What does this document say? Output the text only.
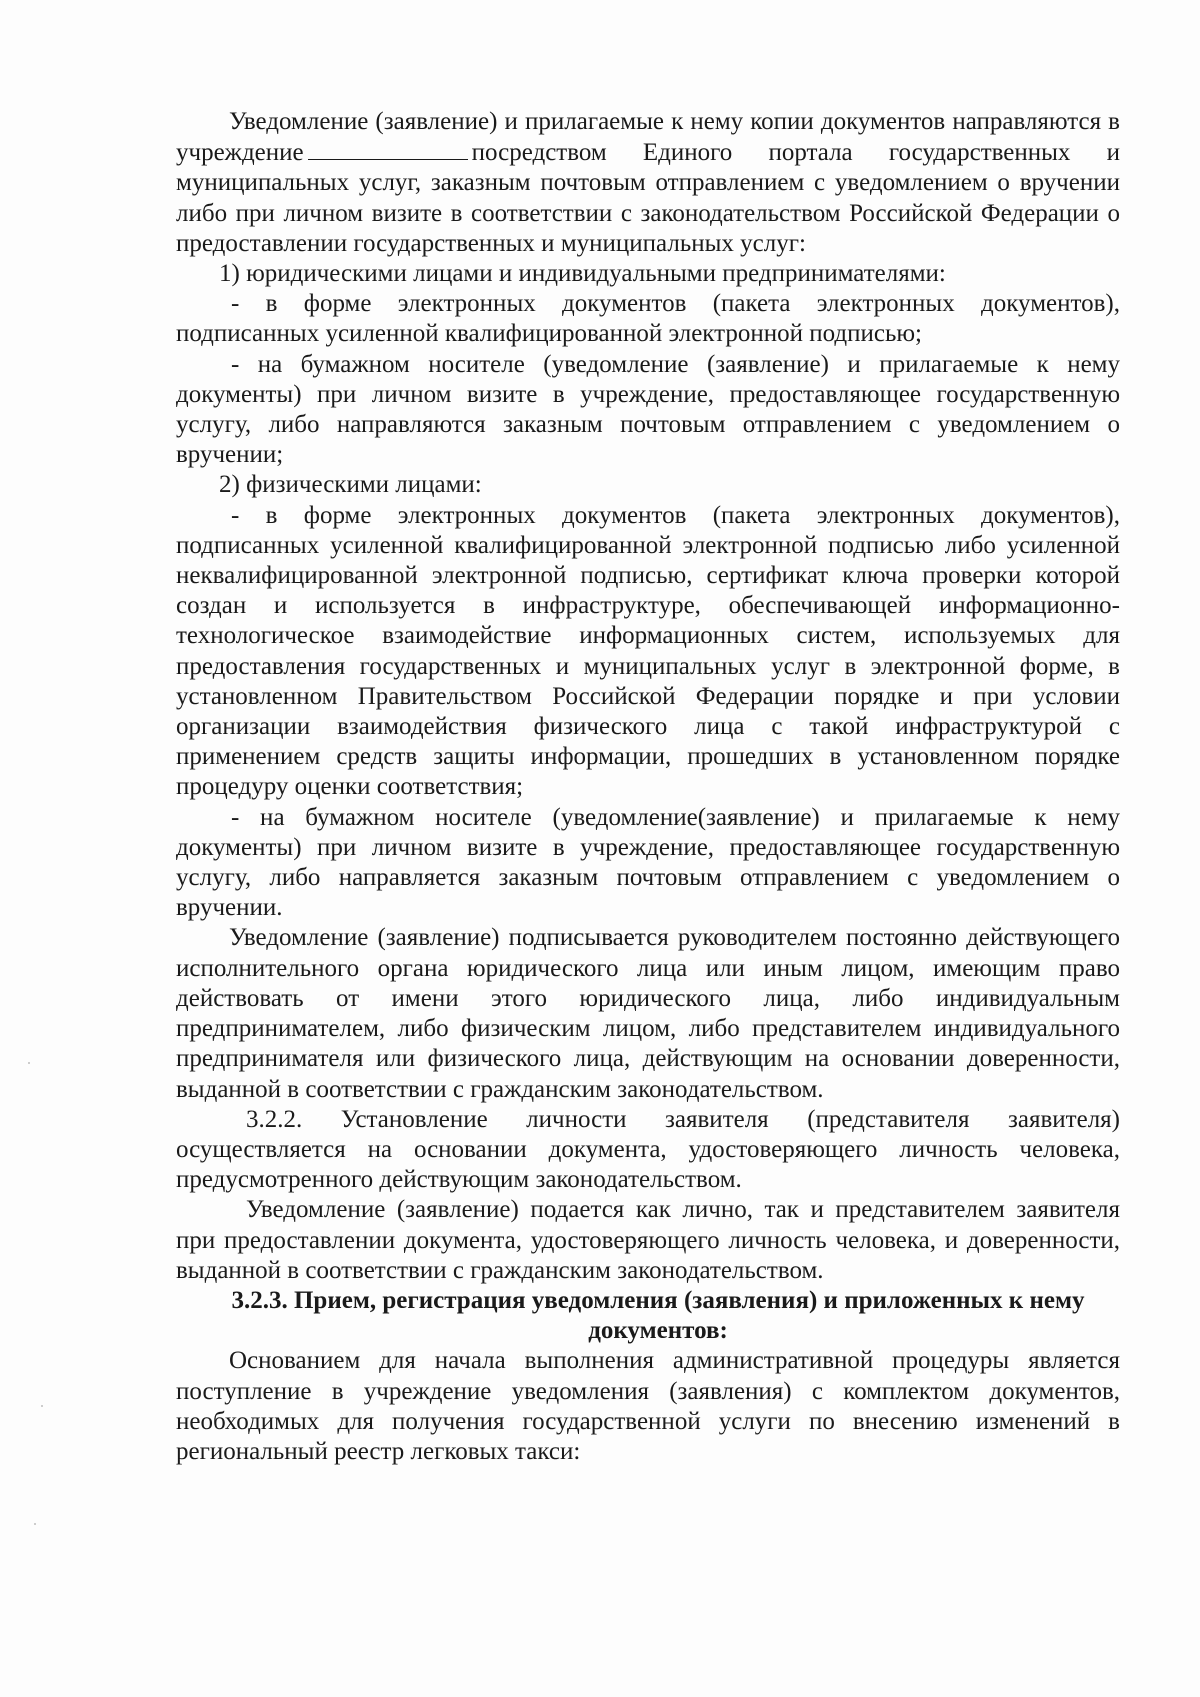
Уведомление (заявление) и прилагаемые к нему копии документов направляются в учреждение	посредством Единого портала государственных и муниципальных услуг, заказным почтовым отправлением с уведомлением о вручении либо при личном визите в соответствии с законодательством Российской Федерации о предоставлении государственных и муниципальных услуг:

1) юридическими лицами и индивидуальными предпринимателями:

- в форме электронных документов (пакета электронных документов), подписанных усиленной квалифицированной электронной подписью;

- на бумажном носителе (уведомление (заявление) и прилагаемые к нему документы) при личном визите в учреждение, предоставляющее государственную услугу, либо направляются заказным почтовым отправлением с уведомлением о вручении;

2) физическими лицами:

- в форме электронных документов (пакета электронных документов), подписанных усиленной квалифицированной электронной подписью либо усиленной неквалифицированной электронной подписью, сертификат ключа проверки которой создан и используется в инфраструктуре, обеспечивающей информационно-технологическое взаимодействие информационных систем, используемых для предоставления государственных и муниципальных услуг в электронной форме, в установленном Правительством Российской Федерации порядке и при условии организации взаимодействия физического лица с такой инфраструктурой с применением средств защиты информации, прошедших в установленном порядке процедуру оценки соответствия;

- на бумажном носителе (уведомление(заявление) и прилагаемые к нему документы) при личном визите в учреждение, предоставляющее государственную услугу, либо направляется заказным почтовым отправлением с уведомлением о вручении.

Уведомление (заявление) подписывается руководителем постоянно действующего исполнительного органа юридического лица или иным лицом, имеющим право действовать от имени этого юридического лица, либо индивидуальным предпринимателем, либо физическим лицом, либо представителем индивидуального предпринимателя или физического лица, действующим на основании доверенности, выданной в соответствии с гражданским законодательством.

3.2.2. Установление личности заявителя (представителя заявителя) осуществляется на основании документа, удостоверяющего личность человека, предусмотренного действующим законодательством.

Уведомление (заявление) подается как лично, так и представителем заявителя при предоставлении документа, удостоверяющего личность человека, и доверенности, выданной в соответствии с гражданским законодательством.

3.2.3. Прием, регистрация уведомления (заявления) и приложенных к нему документов:

Основанием для начала выполнения административной процедуры является поступление в учреждение уведомления (заявления) с комплектом документов, необходимых для получения государственной услуги по внесению изменений в региональный реестр легковых такси:
